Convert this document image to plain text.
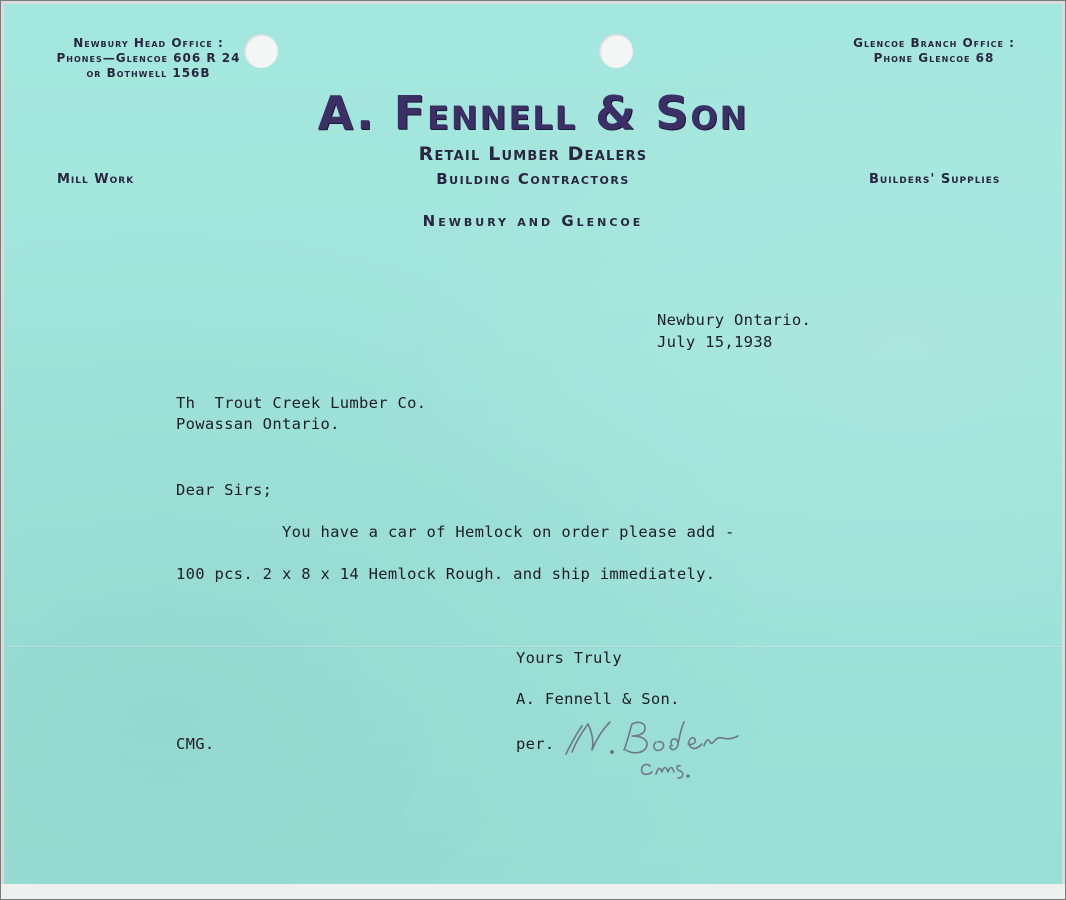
Newbury Head Office :
Phones—Glencoe 606 R 24
or Bothwell 156B
Glencoe Branch Office :
Phone Glencoe 68
A. Fennell & Son
Retail Lumber Dealers
Building Contractors
Mill Work	Builders' Supplies
Newbury and Glencoe
Newbury Ontario.
July 15,1938
Th  Trout Creek Lumber Co.
Powassan Ontario.
Dear Sirs;
You have a car of Hemlock on order please add -
100 pcs. 2 x 8 x 14 Hemlock Rough. and ship immediately.
Yours Truly
A. Fennell & Son.
per.
CMG.
